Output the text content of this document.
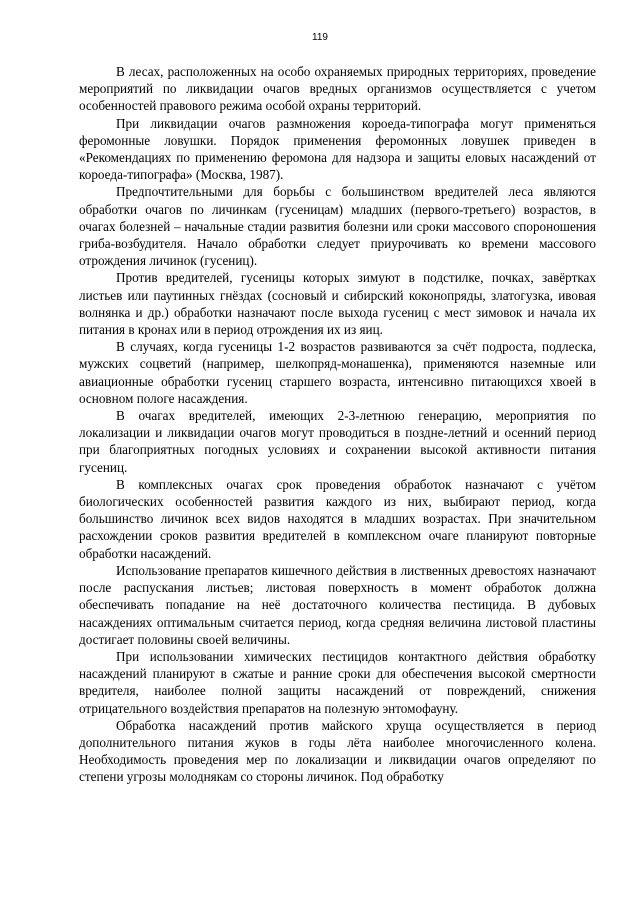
119

В лесах, расположенных на особо охраняемых природных территориях, проведение мероприятий по ликвидации очагов вредных организмов осуществляется с учетом особенностей правового режима особой охраны территорий.

При ликвидации очагов размножения короеда-типографа могут применяться феромонные ловушки. Порядок применения феромонных ловушек приведен в «Рекомендациях по применению феромона для надзора и защиты еловых насаждений от короеда-типографа» (Москва, 1987).

Предпочтительными для борьбы с большинством вредителей леса являются обработки очагов по личинкам (гусеницам) младших (первого-третьего) возрастов, в очагах болезней – начальные стадии развития болезни или сроки массового спороношения гриба-возбудителя. Начало обработки следует приурочивать ко времени массового отрождения личинок (гусениц).

Против вредителей, гусеницы которых зимуют в подстилке, почках, завёртках листьев или паутинных гнёздах (сосновый и сибирский коконопряды, златогузка, ивовая волнянка и др.) обработки назначают после выхода гусениц с мест зимовок и начала их питания в кронах или в период отрождения их из яиц.

В случаях, когда гусеницы 1-2 возрастов развиваются за счёт подроста, подлеска, мужских соцветий (например, шелкопряд-монашенка), применяются наземные или авиационные обработки гусениц старшего возраста, интенсивно питающихся хвоей в основном пологе насаждения.

В очагах вредителей, имеющих 2-3-летнюю генерацию, мероприятия по локализации и ликвидации очагов могут проводиться в поздне-летний и осенний период при благоприятных погодных условиях и сохранении высокой активности питания гусениц.

В комплексных очагах срок проведения обработок назначают с учётом биологических особенностей развития каждого из них, выбирают период, когда большинство личинок всех видов находятся в младших возрастах. При значительном расхождении сроков развития вредителей в комплексном очаге планируют повторные обработки насаждений.

Использование препаратов кишечного действия в лиственных древостоях назначают после распускания листьев; листовая поверхность в момент обработок должна обеспечивать попадание на неё достаточного количества пестицида. В дубовых насаждениях оптимальным считается период, когда средняя величина листовой пластины достигает половины своей величины.

При использовании химических пестицидов контактного действия обработку насаждений планируют в сжатые и ранние сроки для обеспечения высокой смертности вредителя, наиболее полной защиты насаждений от повреждений, снижения отрицательного воздействия препаратов на полезную энтомофауну.

Обработка насаждений против майского хруща осуществляется в период дополнительного питания жуков в годы лёта наиболее многочисленного колена. Необходимость проведения мер по локализации и ликвидации очагов определяют по степени угрозы молоднякам со стороны личинок. Под обработку
